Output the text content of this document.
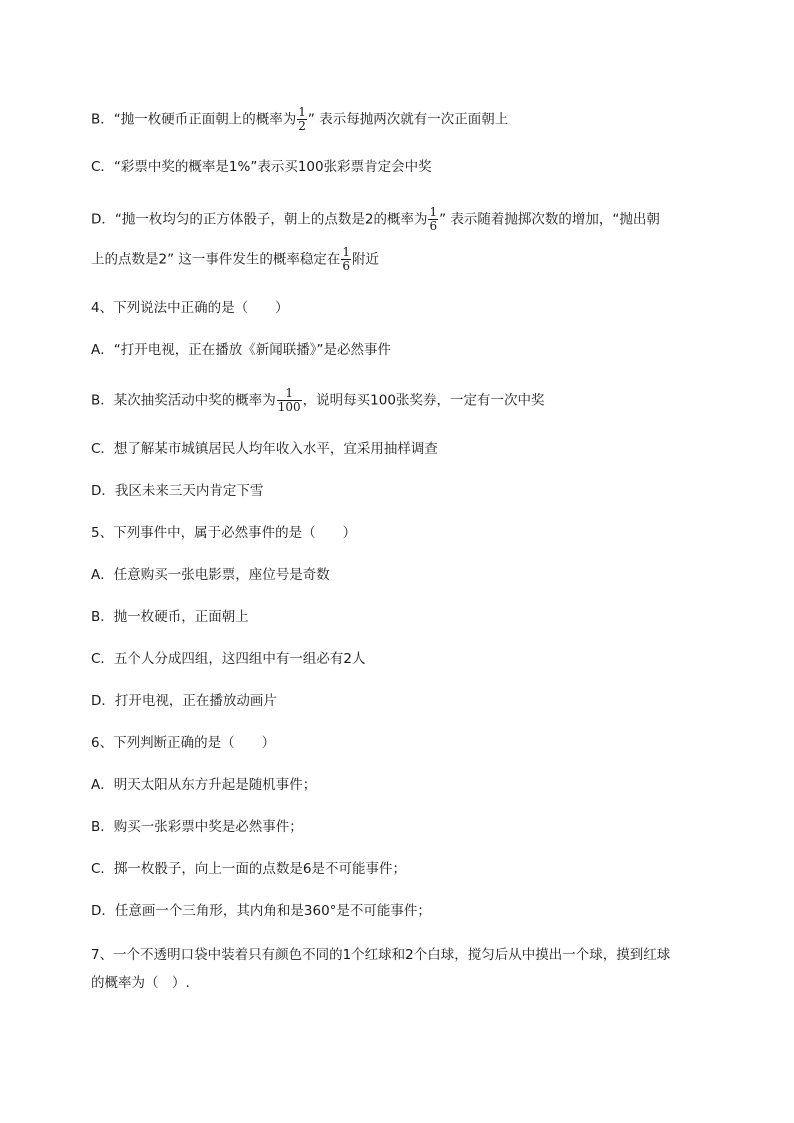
B．“抛一枚硬币正面朝上的概率为 $\frac{1}{2}$ ” 表示每抛两次就有一次正面朝上
C．“彩票中奖的概率是1%”表示买100张彩票肯定会中奖
D．“抛一枚均匀的正方体骰子，朝上的点数是2的概率为 $\frac{1}{6}$ ” 表示随着抛掷次数的增加，“抛出朝
上的点数是2” 这一事件发生的概率稳定在 $\frac{1}{6}$ 附近
4、下列说法中正确的是（　　）
A．“打开电视，正在播放《新闻联播》”是必然事件
B．某次抽奖活动中奖的概率为 $\frac{1}{100}$ ，说明每买100张奖券，一定有一次中奖
C．想了解某市城镇居民人均年收入水平，宜采用抽样调查
D．我区未来三天内肯定下雪
5、下列事件中，属于必然事件的是（　　）
A．任意购买一张电影票，座位号是奇数
B．抛一枚硬币，正面朝上
C．五个人分成四组，这四组中有一组必有2人
D．打开电视，正在播放动画片
6、下列判断正确的是（　　）
A．明天太阳从东方升起是随机事件；
B．购买一张彩票中奖是必然事件；
C．掷一枚骰子，向上一面的点数是6是不可能事件；
D．任意画一个三角形，其内角和是360°是不可能事件；
7、一个不透明口袋中装着只有颜色不同的1个红球和2个白球，搅匀后从中摸出一个球，摸到红球
的概率为（　）.
